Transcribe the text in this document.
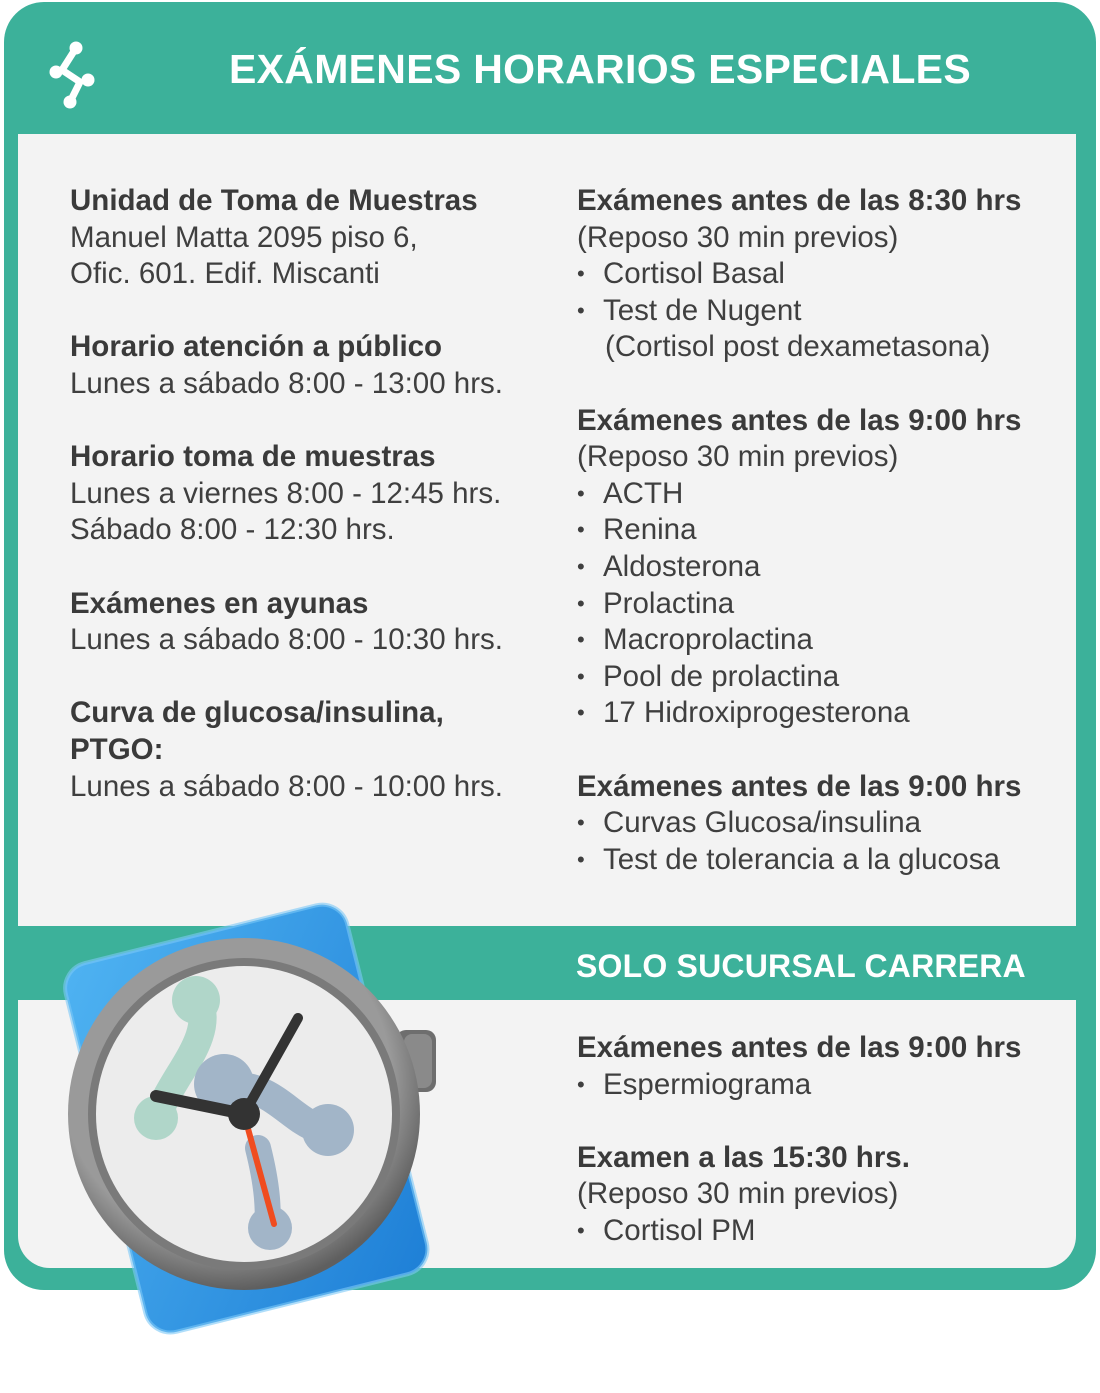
EXÁMENES HORARIOS ESPECIALES
SOLO SUCURSAL CARRERA
Unidad de Toma de Muestras
Manuel Matta 2095 piso 6,
Ofic. 601. Edif. Miscanti
Horario atención a público
Lunes a sábado 8:00 - 13:00 hrs.
Horario toma de muestras
Lunes a viernes 8:00 - 12:45 hrs.
Sábado 8:00 - 12:30 hrs.
Exámenes en ayunas
Lunes a sábado 8:00 - 10:30 hrs.
Curva de glucosa/insulina,
PTGO:
Lunes a sábado 8:00 - 10:00 hrs.
Exámenes antes de las 8:30 hrs
(Reposo 30 min previos)
• Cortisol Basal
• Test de Nugent
(Cortisol post dexametasona)
Exámenes antes de las 9:00 hrs
(Reposo 30 min previos)
• ACTH
• Renina
• Aldosterona
• Prolactina
• Macroprolactina
• Pool de prolactina
• 17 Hidroxiprogesterona
Exámenes antes de las 9:00 hrs
• Curvas Glucosa/insulina
• Test de tolerancia a la glucosa
Exámenes antes de las 9:00 hrs
• Espermiograma
Examen a las 15:30 hrs.
(Reposo 30 min previos)
• Cortisol PM
